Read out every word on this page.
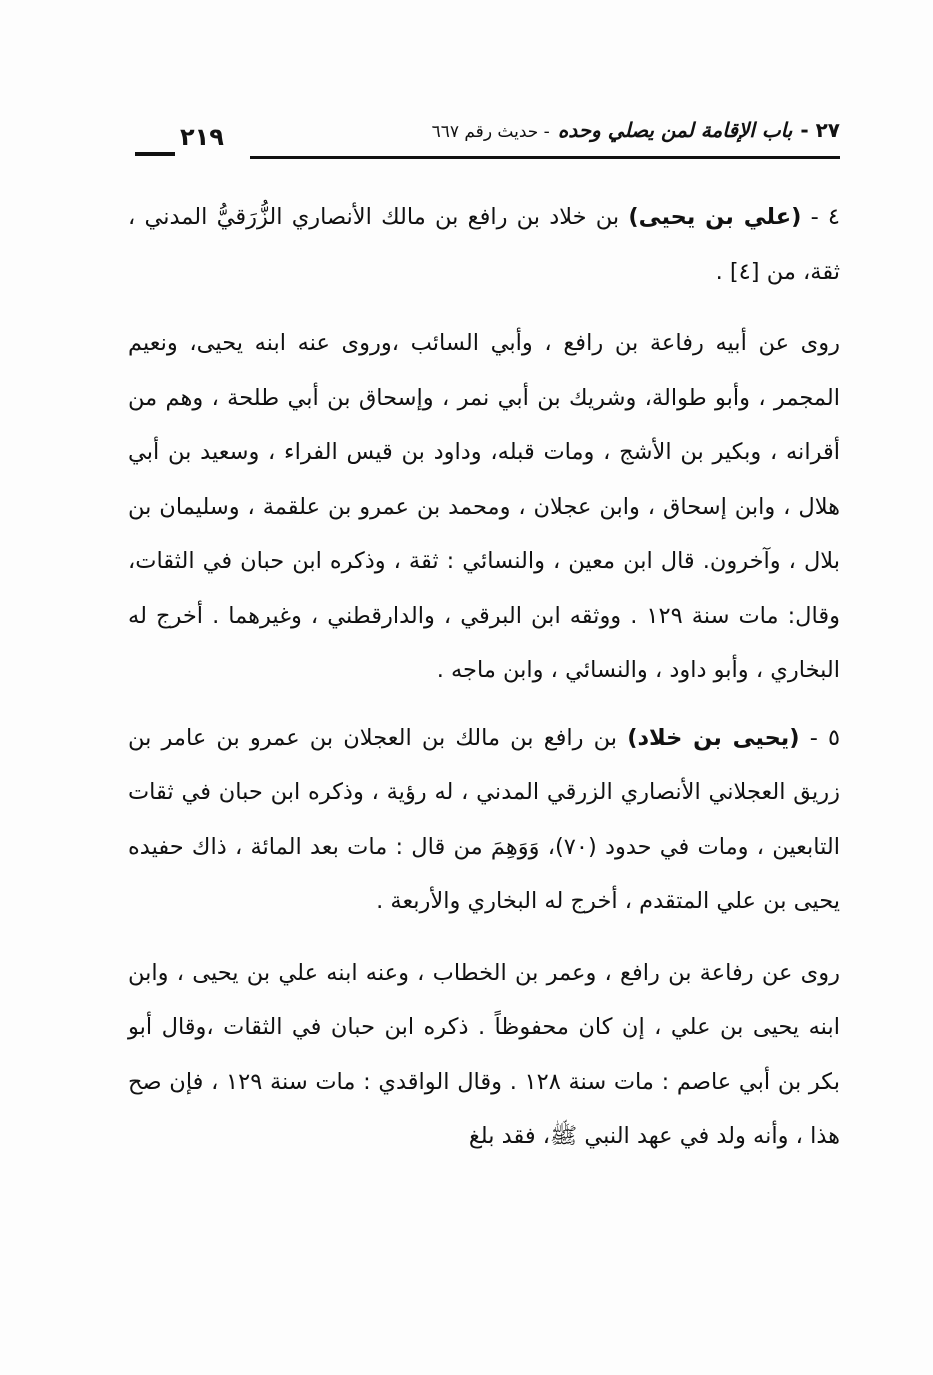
٢٧ -
باب الإقامة لمن يصلي وحده
- حديث رقم ٦٦٧
٢١٩

٤ - (علي بن يحيى) بن خلاد بن رافع بن مالك الأنصاري الزُّرَقيُّ المدني ، ثقة، من [٤] .

روى عن أبيه رفاعة بن رافع ، وأبي السائب ،وروى عنه ابنه يحيى، ونعيم المجمر ، وأبو طوالة، وشريك بن أبي نمر ، وإسحاق بن أبي طلحة ، وهم من أقرانه ، وبكير بن الأشج ، ومات قبله، وداود بن قيس الفراء ، وسعيد بن أبي هلال ، وابن إسحاق ، وابن عجلان ، ومحمد بن عمرو بن علقمة ، وسليمان بن بلال ، وآخرون. قال ابن معين ، والنسائي : ثقة ، وذكره ابن حبان في الثقات، وقال: مات سنة ١٢٩ . ووثقه ابن البرقي ، والدارقطني ، وغيرهما . أخرج له البخاري ، وأبو داود ، والنسائي ، وابن ماجه .

٥ - (يحيى بن خلاد) بن رافع بن مالك بن العجلان بن عمرو بن عامر بن زريق العجلاني الأنصاري الزرقي المدني ، له رؤية ، وذكره ابن حبان في ثقات التابعين ، ومات في حدود (٧٠)، وَوَهِمَ من قال : مات بعد المائة ، ذاك حفيده يحيى بن علي المتقدم ، أخرج له البخاري والأربعة .

روى عن رفاعة بن رافع ، وعمر بن الخطاب ، وعنه ابنه علي بن يحيى ، وابن ابنه يحيى بن علي ، إن كان محفوظاً . ذكره ابن حبان في الثقات ،وقال أبو بكر بن أبي عاصم : مات سنة ١٢٨ . وقال الواقدي : مات سنة ١٢٩ ، فإن صح هذا ، وأنه ولد في عهد النبي ﷺ، فقد بلغ
